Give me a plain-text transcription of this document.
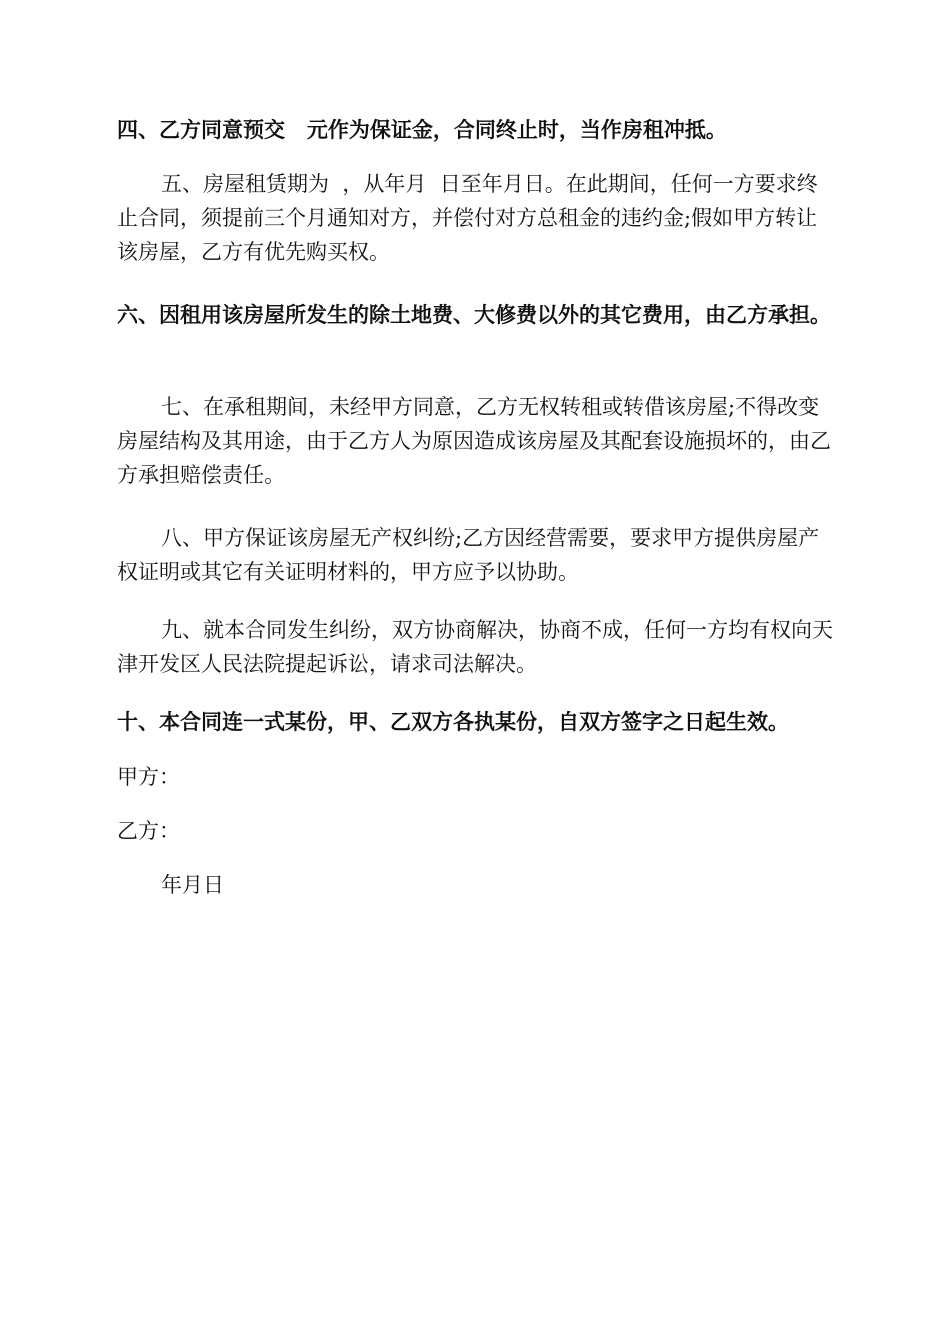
四、乙方同意预交   元作为保证金，合同终止时，当作房租冲抵。

五、房屋租赁期为  ，从年月  日至年月日。在此期间，任何一方要求终止合同，须提前三个月通知对方，并偿付对方总租金的违约金;假如甲方转让该房屋，乙方有优先购买权。

六、因租用该房屋所发生的除土地费、大修费以外的其它费用，由乙方承担。

七、在承租期间，未经甲方同意，乙方无权转租或转借该房屋;不得改变房屋结构及其用途，由于乙方人为原因造成该房屋及其配套设施损坏的，由乙方承担赔偿责任。

八、甲方保证该房屋无产权纠纷;乙方因经营需要，要求甲方提供房屋产权证明或其它有关证明材料的，甲方应予以协助。

九、就本合同发生纠纷，双方协商解决，协商不成，任何一方均有权向天津开发区人民法院提起诉讼，请求司法解决。

十、本合同连一式某份，甲、乙双方各执某份，自双方签字之日起生效。

甲方：
乙方：
年月日
